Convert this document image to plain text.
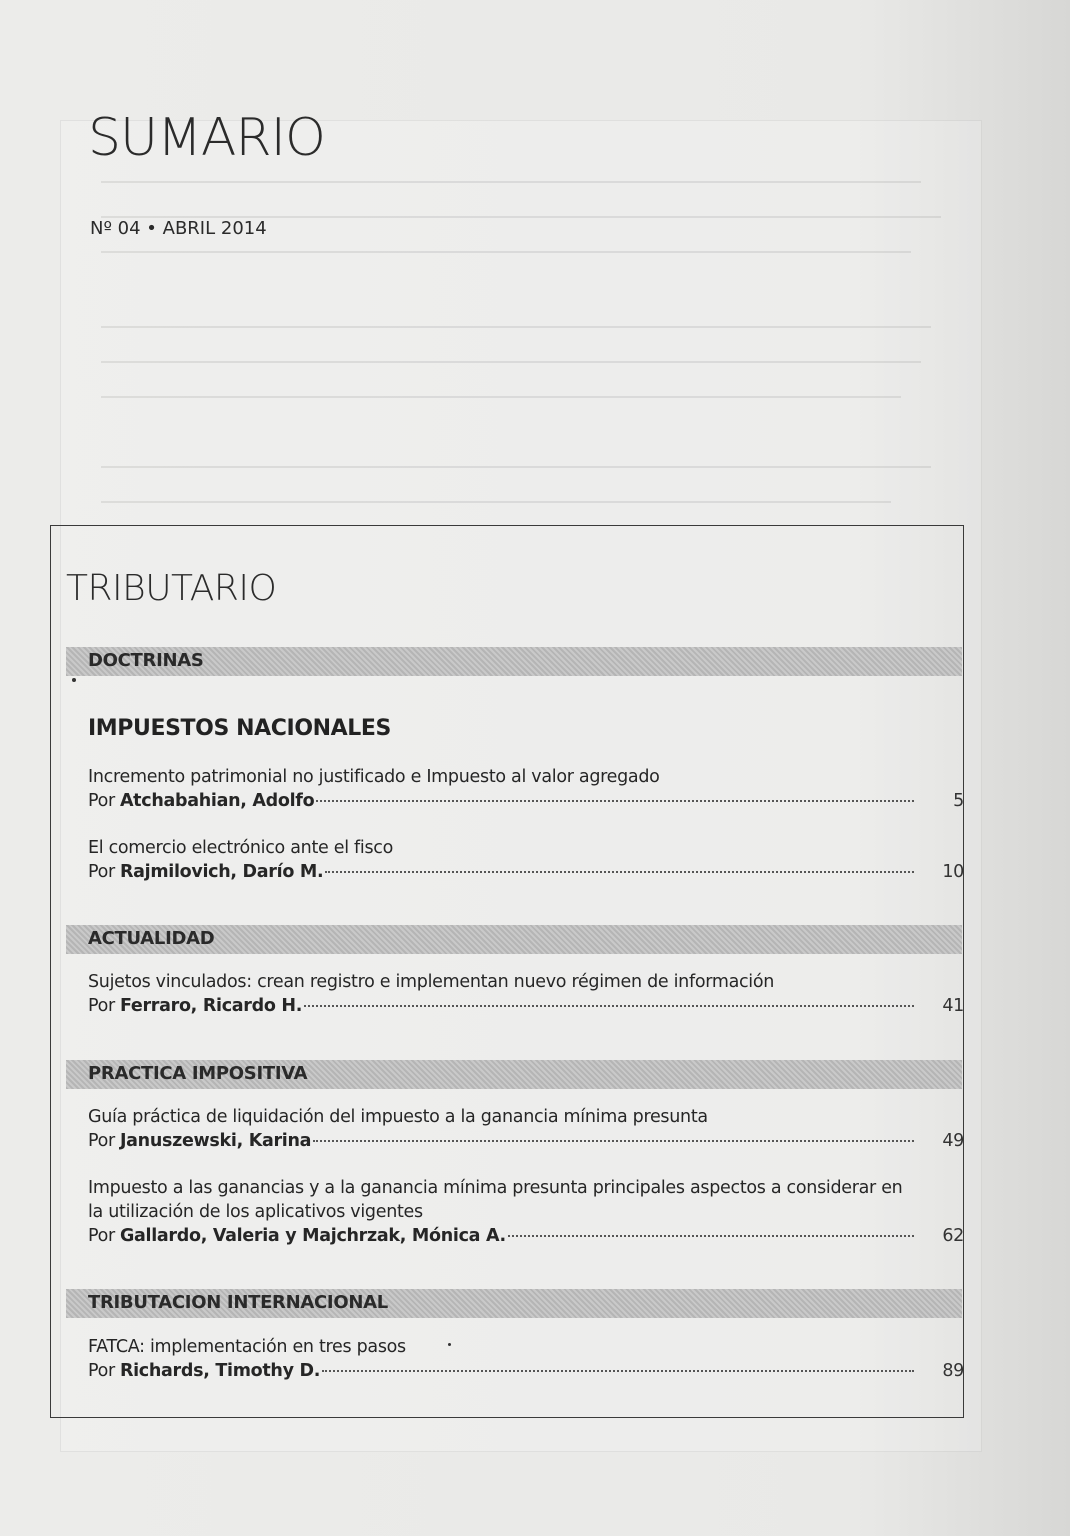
SUMARIO
Nº 04 • ABRIL 2014
TRIBUTARIO
DOCTRINAS
IMPUESTOS NACIONALES
Incremento patrimonial no justificado e Impuesto al valor agregado
Por Atchabahian, Adolfo	5
El comercio electrónico ante el fisco
Por Rajmilovich, Darío M.	10
ACTUALIDAD
Sujetos vinculados: crean registro e implementan nuevo régimen de información
Por Ferraro, Ricardo H.	41
PRACTICA IMPOSITIVA
Guía práctica de liquidación del impuesto a la ganancia mínima presunta
Por Januszewski, Karina	49
Impuesto a las ganancias y a la ganancia mínima presunta principales aspectos a considerar en la utilización de los aplicativos vigentes
Por Gallardo, Valeria y Majchrzak, Mónica A.	62
TRIBUTACION INTERNACIONAL
FATCA: implementación en tres pasos
Por Richards, Timothy D.	89
